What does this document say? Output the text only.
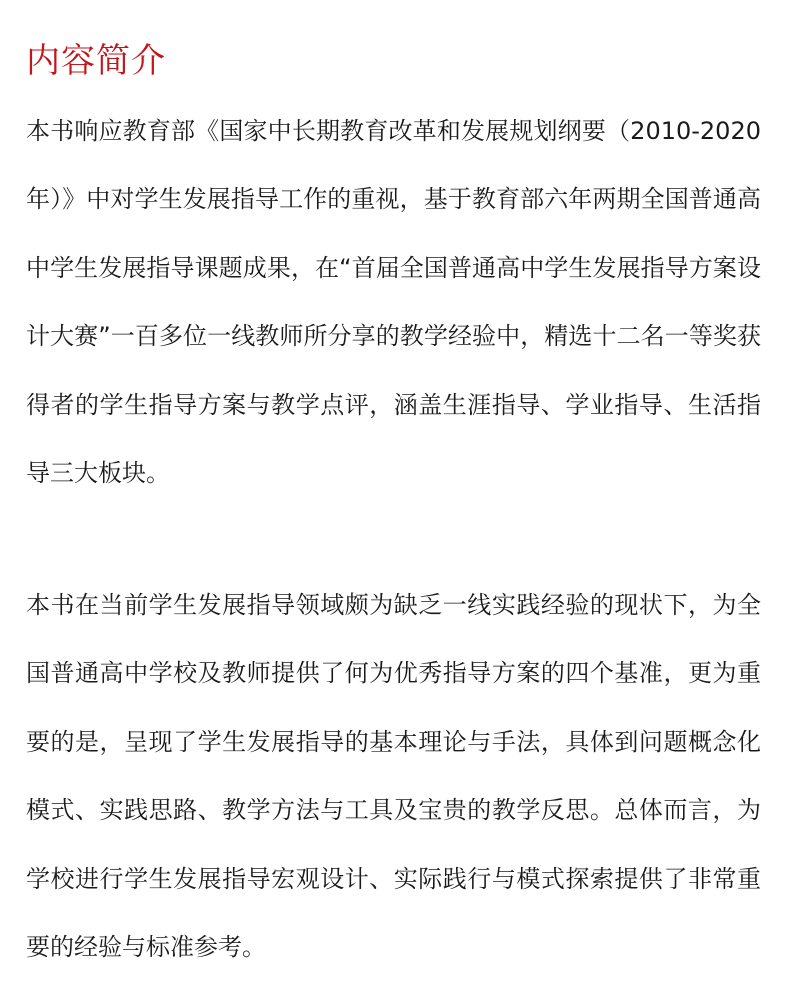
内容简介

本书响应教育部《国家中长期教育改革和发展规划纲要（2010-2020年）》中对学生发展指导工作的重视，基于教育部六年两期全国普通高中学生发展指导课题成果，在“首届全国普通高中学生发展指导方案设计大赛”一百多位一线教师所分享的教学经验中，精选十二名一等奖获得者的学生指导方案与教学点评，涵盖生涯指导、学业指导、生活指导三大板块。

本书在当前学生发展指导领域颇为缺乏一线实践经验的现状下，为全国普通高中学校及教师提供了何为优秀指导方案的四个基准，更为重要的是，呈现了学生发展指导的基本理论与手法，具体到问题概念化模式、实践思路、教学方法与工具及宝贵的教学反思。总体而言，为学校进行学生发展指导宏观设计、实际践行与模式探索提供了非常重要的经验与标准参考。
